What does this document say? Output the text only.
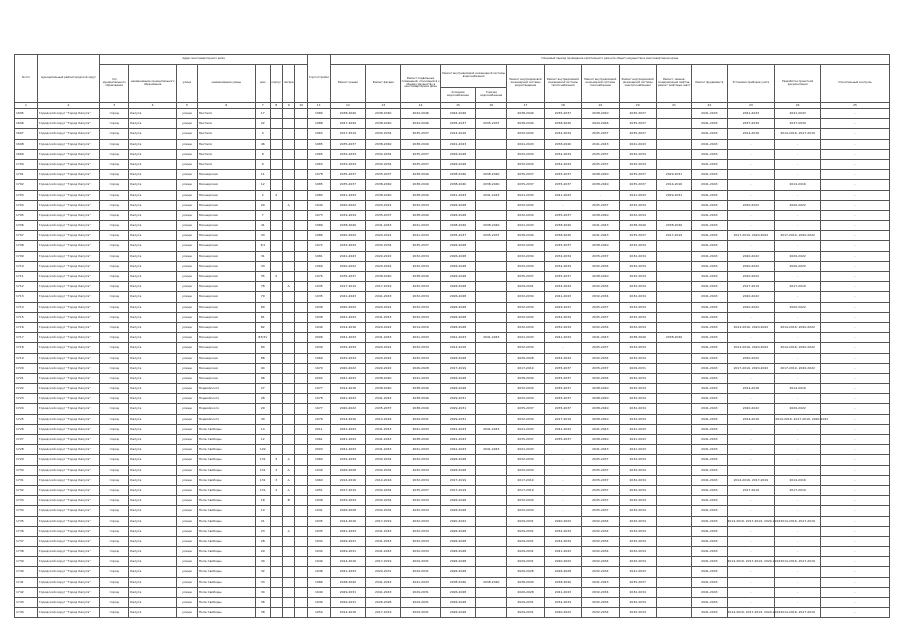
№ п/п	муниципальный район/городской округ	Адрес многоквартирного дома								Год постройки	Плановый период проведения капитального ремонта общего имущества в многоквартирном доме													
		тип муниципального образования	наименование муниципального образования	улица	наименование улицы	дом	корпус	литера			Ремонт крыши	Ремонт фасада	Ремонт подвальных помещений, относящихся к общему имуществу в многоквартирном доме	Ремонт внутридомовой инженерной системы водоснабжения		Ремонт внутридомовой инженерной системы водоотведения	Ремонт внутридомовой инженерной системы теплоснабжения	Ремонт внутридомовой инженерной системы газоснабжения	Ремонт внутридомовой инженерной системы электроснабжения	Ремонт, замена, модернизация лифтов, ремонт лифтовых шахт	Ремонт фундамента	Установка приборов учета	Разработка проектной документации	Строительный контроль
														Холодное водоснабжение	Горячее водоснабжение									
1	2	3	4	5	6	7	8	9	10	11	12	13	14	15	16	17	18	19	20	21	22	23	24	25
1695	Городской округ "Город Калуга"	город	Калуга	улица	Пестеля	17				1980	2038-2040	2038-2040	2044-2046	2044-2046		2038-2040	2035-2037	2038-2040	2035-2037		2041-2043	2041-2043	2041-2043	-
1696	Городской округ "Город Калуга"	город	Калуга	улица	Пестеля	22				1988	2047-2049	2038-2040	2044-2046	2035-2037	2035-2037	2038-2040	2038-2040	2044-2046	2035-2037		2041-2043	2037-2039	2037-2039	-
1697	Городской округ "Город Калуга"	город	Калуга	улица	Пестеля	4				1963	2017-2019	2032-2034	2035-2037	2014-2016		2032-2034	2032-2034	2035-2037	2035-2037		2041-2043	2014-2016	2014-2016, 2017-2019	-
1698	Городской округ "Город Калуга"	город	Калуга	улица	Пестеля	46				1985	2035-2037	2038-2040	2038-2040	2041-2043		2041-2043	2038-2040	2041-2043	2041-2043		2041-2043	-	-	-
1699	Городской округ "Город Калуга"	город	Калуга	улица	Пестеля	8				1965	2032-2034	2032-2034	2035-2037	2026-2028		2032-2034	2032-2034	2035-2037	2032-2034		2041-2043	-	-	-
1700	Городской округ "Город Калуга"	город	Калуга	улица	Пестеля	9				1963	2032-2034	2032-2034	2035-2037	2026-2028		2032-2034	2032-2034	2035-2037	2032-2034		2041-2043	-	-	-
1701	Городской округ "Город Калуга"	город	Калуга	улица	Пионерская	11				1978	2035-2037	2035-2037	2038-2040	2038-2040	2038-2040	2035-2037	2035-2037	2038-2040	2035-2037	2029-2031	2041-2043	-	-	-
1702	Городской округ "Город Калуга"	город	Калуга	улица	Пионерская	12				1985	2035-2037	2038-2040	2038-2040	2038-2040	2038-2040	2035-2037	2035-2037	2038-2040	2035-2037	2014-2016	2041-2043	-	2014-2016	-
1703	Городской округ "Город Калуга"	город	Калуга	улица	Пионерская	2	2			1984	2041-2043	2038-2040	2038-2040	2041-2043	2041-2043	2041-2043	2041-2043	-	2041-2043	2029-2031	2041-2043	-	-	-
1704	Городской округ "Город Калуга"	город	Калуга	улица	Пионерская	29		А		1940	2020-2022	2020-2022	2032-2034	2026-2028		2032-2034	-	2035-2037	2032-2034		2041-2043	2020-2022	2020-2022	-
1705	Городской округ "Город Калуга"	город	Калуга	улица	Пионерская	7				1973	2032-2034	2035-2037	2038-2040	2026-2028		2032-2034	2035-2037	2038-2040	2032-2034		2041-2043	-	-	-
1706	Городской округ "Город Калуга"	город	Калуга	улица	Пионерская	41				1989	2038-2040	2041-2043	2041-2043	2038-2040	2038-2040	2041-2043	2038-2040	2041-2043	2038-2040	2038-2040	2041-2043	-	-	-
1707	Городской округ "Город Калуга"	город	Калуга	улица	Пионерская	43				1986	2020-2022	2020-2022	2041-2043	2035-2037	2035-2037	2038-2040	2038-2040	2041-2043	2035-2037	2017-2019	2041-2043	2017-2019, 2020-2022	2017-2019, 2020-2022	-
1708	Городской округ "Город Калуга"	город	Калуга	улица	Пионерская	3/1				1972	2032-2034	2032-2034	2035-2037	2026-2028		2032-2034	2035-2037	2038-2040	2032-2034		2041-2043	-	-	-
1709	Городской округ "Город Калуга"	город	Калуга	улица	Пионерская	31				1981	2041-2043	2020-2022	2032-2034	2026-2028		2032-2034	2032-2034	2035-2037	2032-2034		2041-2043	2020-2022	2020-2022	-
1710	Городской округ "Город Калуга"	город	Калуга	улица	Пионерская	33				1969	2020-2022	2020-2022	2032-2034	2026-2028		2032-2034	2032-2034	2032-2034	2032-2034		2041-2043	2020-2022	2020-2022	-
1711	Городской округ "Город Калуга"	город	Калуга	улица	Пионерская	35	2			1976	2035-2037	2038-2040	2038-2040	2026-2028		2035-2037	2035-2037	2038-2040	2032-2034		2041-2043	2020-2022	-	-
1712	Городской округ "Город Калуга"	город	Калуга	улица	Пионерская	78		А		1935	2017-2019	2017-2019	2032-2034	2026-2028		2029-2031	2032-2034	2032-2034	2032-2034		2041-2043	2017-2019	2017-2019	-
1713	Городской округ "Город Калуга"	город	Калуга	улица	Пионерская	79				1935	2041-2043	2041-2043	2032-2034	2026-2028		2032-2034	2041-2043	2032-2034	2032-2034		2041-2043	2020-2022	-	-
1714	Городской округ "Город Калуга"	город	Калуга	улица	Пионерская	80				1938	2020-2022	2020-2022	2032-2034	2026-2028		2032-2034	2029-2031	2035-2037	2032-2034		2041-2043	2020-2022	2020-2022	-
1715	Городской округ "Город Калуга"	город	Калуга	улица	Пионерская	81				1938	2041-2043	2041-2043	2032-2034	2026-2028		2032-2034	2032-2034	2035-2037	2032-2034		2041-2043	-	-	-
1716	Городской округ "Город Калуга"	город	Калуга	улица	Пионерская	82				1949	2014-2016	2020-2022	2014-2016	2026-2028		2032-2034	2032-2034	2032-2034	2032-2034		2041-2043	2014-2016, 2020-2022	2014-2016, 2020-2022	-
1717	Городской округ "Город Калуга"	город	Калуга	улица	Пионерская	83/31				2006	2041-2043	2041-2043	2041-2043	2041-2043	2041-2043	2041-2043	2041-2043	2041-2043	2038-2040	2038-2040	2041-2043	-	-	-
1718	Городской округ "Город Калуга"	город	Калуга	улица	Пионерская	84				1939	2032-2034	2020-2022	2032-2034	2014-2016		2032-2034	-	2035-2037	2032-2034		2041-2043	2014-2016, 2020-2022	2014-2016, 2020-2022	-
1719	Городской округ "Город Калуга"	город	Калуга	улица	Пионерская	88				1960	2032-2034	2020-2022	2032-2034	2026-2028		2026-2028	2032-2034	2032-2034	2032-2034		2041-2043	2020-2022	-	-
1720	Городской округ "Город Калуга"	город	Калуга	улица	Пионерская	94				1970	2020-2022	2020-2022	2026-2028	2017-2019		2017-2019	2035-2037	2035-2037	2029-2031		2041-2043	2017-2019, 2020-2022	2017-2019, 2020-2022	-
1721	Городской округ "Город Калуга"	город	Калуга	улица	Пионерская	96				2002	2041-2043	2038-2040	2041-2043	2026-2028		2038-2040	2035-2037	2032-2034	2032-2034		2041-2043	-	-	-
1722	Городской округ "Город Калуга"	город	Калуга	улица	Подвойского	27				1977	2014-2016	2038-2040	2038-2040	2026-2028		2032-2034	2035-2037	2038-2040	2032-2034		2041-2043	2014-2016	2014-2016	-
1723	Городской округ "Город Калуга"	город	Калуга	улица	Подвойского	28				1976	2041-2043	2041-2043	2038-2040	2029-2031		2032-2034	2035-2037	2038-2040	2032-2034		2041-2043	-	-	-
1724	Городской округ "Город Калуга"	город	Калуга	улица	Подвойского	29				1977	2020-2022	2035-2037	2038-2040	2029-2031		2035-2037	2035-2037	2038-2040	2032-2034		2041-2043	2020-2022	2020-2022	-
1725	Городской округ "Город Калуга"	город	Калуга	улица	Подвойского	30				1976	2014-2016	2014-2016	2029-2031	2029-2031		2032-2034	2017-2019	2038-2040	2032-2034		2041-2043	2014-2016	2014-2016, 2017-2019, 2020-2022	-
1726	Городской округ "Город Калуга"	город	Калуга	улица	Поле Свободы	14				2011	2041-2043	2041-2043	2041-2043	2041-2043	2041-2043	2041-2043	2041-2043	2041-2043	2041-2043		2041-2043	-	-	-
1727	Городской округ "Город Калуга"	город	Калуга	улица	Поле Свободы	12				1961	2041-2043	2041-2043	2038-2040	2041-2043		2035-2037	2035-2037	2038-2040	2041-2043		2041-2043	-	-	-
1728	Городской округ "Город Калуга"	город	Калуга	улица	Поле Свободы	129				2003	2041-2043	2041-2043	2041-2043	2041-2043	2041-2043	2041-2043	-	2041-2043	2041-2043		2041-2043	-	-	-
1729	Городской округ "Город Калуга"	город	Калуга	улица	Поле Свободы	131	3	А		1960	2032-2034	2032-2034	2032-2034	2026-2028		2032-2034	-	2035-2037	2032-2034		2041-2043	-	-	-
1730	Городской округ "Город Калуга"	город	Калуга	улица	Поле Свободы	131	3	А		1939	2026-2028	2032-2034	2032-2034	2026-2028		2032-2034	-	2035-2037	2032-2034		2041-2043	-	-	-
1731	Городской округ "Город Калуга"	город	Калуга	улица	Поле Свободы	131	3	А		1960	2014-2016	2014-2016	2032-2034	2017-2019		2017-2019	-	2035-2037	2032-2034		2041-2043	2014-2016, 2017-2019	2014-2016	-
1732	Городской округ "Город Калуга"	город	Калуга	улица	Поле Свободы	131	4	А		1951	2017-2019	2032-2034	2035-2037	2017-2019		2017-2019	-	2035-2037	2032-2034		2041-2043	2017-2019	2017-2019	-
1733	Городской округ "Город Калуга"	город	Калуга	улица	Поле Свободы	18		В		1938	2032-2034	2032-2034	2032-2034	2026-2028		2032-2034	-	2035-2037	2032-2034		2041-2043	-	-	-
1734	Городской округ "Город Калуга"	город	Калуга	улица	Поле Свободы	19				1931	2026-2028	2032-2034	2032-2034	2026-2028		2032-2034	-	2035-2037	2032-2034		2041-2043	-	-	-
1735	Городской округ "Город Калуга"	город	Калуга	улица	Поле Свободы	21				1935	2014-2016	2017-2019	2032-2034	2020-2022		2029-2031	2020-2022	2032-2034	2032-2034		2041-2043	2014-2016, 2017-2019, 2020-2022	2014-2016, 2017-2019	-
1736	Городской округ "Город Калуга"	город	Калуга	улица	Поле Свободы	23		А		1935	2041-2043	2041-2043	2032-2034	2026-2028		2029-2031	2032-2034	2032-2034	2032-2034		2041-2043	-	-	-
1737	Городской округ "Город Калуга"	город	Калуга	улица	Поле Свободы	28				1932	2029-2031	2041-2043	2032-2034	2026-2028		2029-2031	2032-2034	2032-2034	2032-2034		2041-2043	-	-	-
1738	Городской округ "Город Калуга"	город	Калуга	улица	Поле Свободы	29				1934	2029-2031	2041-2043	2032-2034	2026-2028		2029-2031	2041-2043	2032-2034	2032-2034		2041-2043	-	-	-
1739	Городской округ "Город Калуга"	город	Калуга	улица	Поле Свободы	30				1949	2014-2016	2017-2019	2029-2031	2026-2028		2029-2031	2020-2022	2032-2034	2032-2034		2041-2043	2014-2016, 2017-2019, 2020-2022	2014-2016, 2017-2019	-
1740	Городской округ "Город Калуга"	город	Калуга	улица	Поле Свободы	32				1948	2041-2043	2029-2031	2029-2031	2026-2028		2026-2028	2026-2028	2032-2034	2041-2043		2041-2043	-	-	-
1741	Городской округ "Город Калуга"	город	Калуга	улица	Поле Свободы	33				1986	2038-2040	2041-2043	2041-2043	2038-2040	2038-2040	2038-2040	2038-2040	2041-2043	2035-2037		2041-2043	-	-	-
1742	Городской округ "Город Калуга"	город	Калуга	улица	Поле Свободы	34				1949	2029-2031	2041-2043	2029-2031	2026-2028		2026-2028	2041-2043	2032-2034	2032-2034		2041-2043	-	-	-
1743	Городской округ "Город Калуга"	город	Калуга	улица	Поле Свободы	36				1949	2029-2031	2026-2028	2029-2031	2026-2028		2029-2031	2032-2034	2032-2034	2032-2034		2041-2043	-	-	-
1744	Городской округ "Город Калуга"	город	Калуга	улица	Поле Свободы	38				1950	2014-2016	2017-2019	2029-2031	2026-2028		2029-2031	2020-2022	2032-2034	2032-2034		2041-2043	2014-2016, 2017-2019, 2020-2022	2014-2016, 2017-2019	-
